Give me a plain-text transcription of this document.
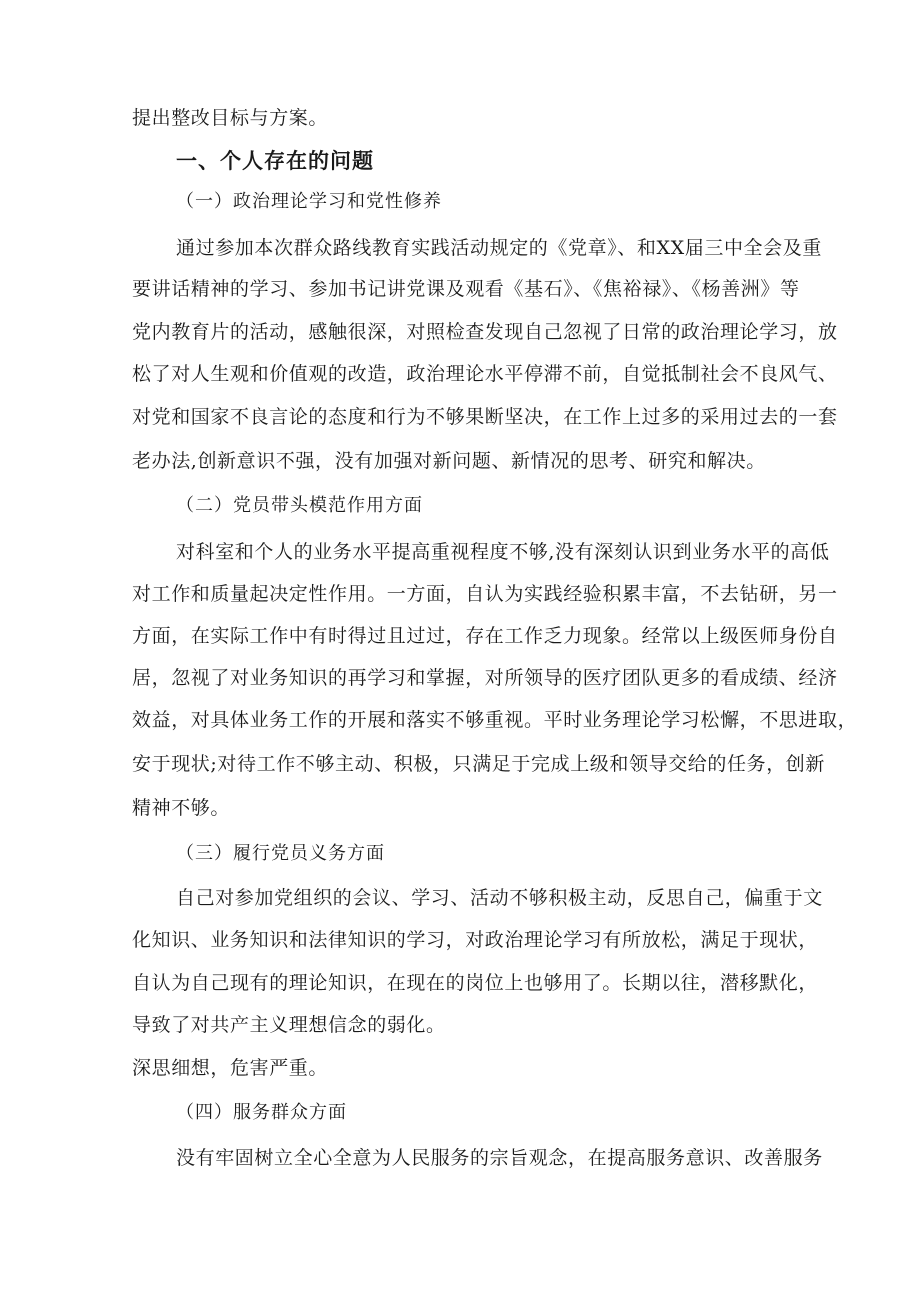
提出整改目标与方案。
一、个人存在的问题
（一）政治理论学习和党性修养
通过参加本次群众路线教育实践活动规定的《党章》、和XX届三中全会及重
要讲话精神的学习、参加书记讲党课及观看《基石》、《焦裕禄》、《杨善洲》等
党内教育片的活动，感触很深，对照检查发现自己忽视了日常的政治理论学习，放
松了对人生观和价值观的改造，政治理论水平停滞不前，自觉抵制社会不良风气、
对党和国家不良言论的态度和行为不够果断坚决，在工作上过多的采用过去的一套
老办法,创新意识不强，没有加强对新问题、新情况的思考、研究和解决。
（二）党员带头模范作用方面
对科室和个人的业务水平提高重视程度不够,没有深刻认识到业务水平的高低
对工作和质量起决定性作用。一方面，自认为实践经验积累丰富，不去钻研，另一
方面，在实际工作中有时得过且过过，存在工作乏力现象。经常以上级医师身份自
居，忽视了对业务知识的再学习和掌握，对所领导的医疗团队更多的看成绩、经济
效益，对具体业务工作的开展和落实不够重视。平时业务理论学习松懈，不思进取，
安于现状;对待工作不够主动、积极，只满足于完成上级和领导交给的任务，创新
精神不够。
（三）履行党员义务方面
自己对参加党组织的会议、学习、活动不够积极主动，反思自己，偏重于文
化知识、业务知识和法律知识的学习，对政治理论学习有所放松，满足于现状，
自认为自己现有的理论知识，在现在的岗位上也够用了。长期以往，潜移默化，
导致了对共产主义理想信念的弱化。
深思细想，危害严重。
（四）服务群众方面
没有牢固树立全心全意为人民服务的宗旨观念，在提高服务意识、改善服务
